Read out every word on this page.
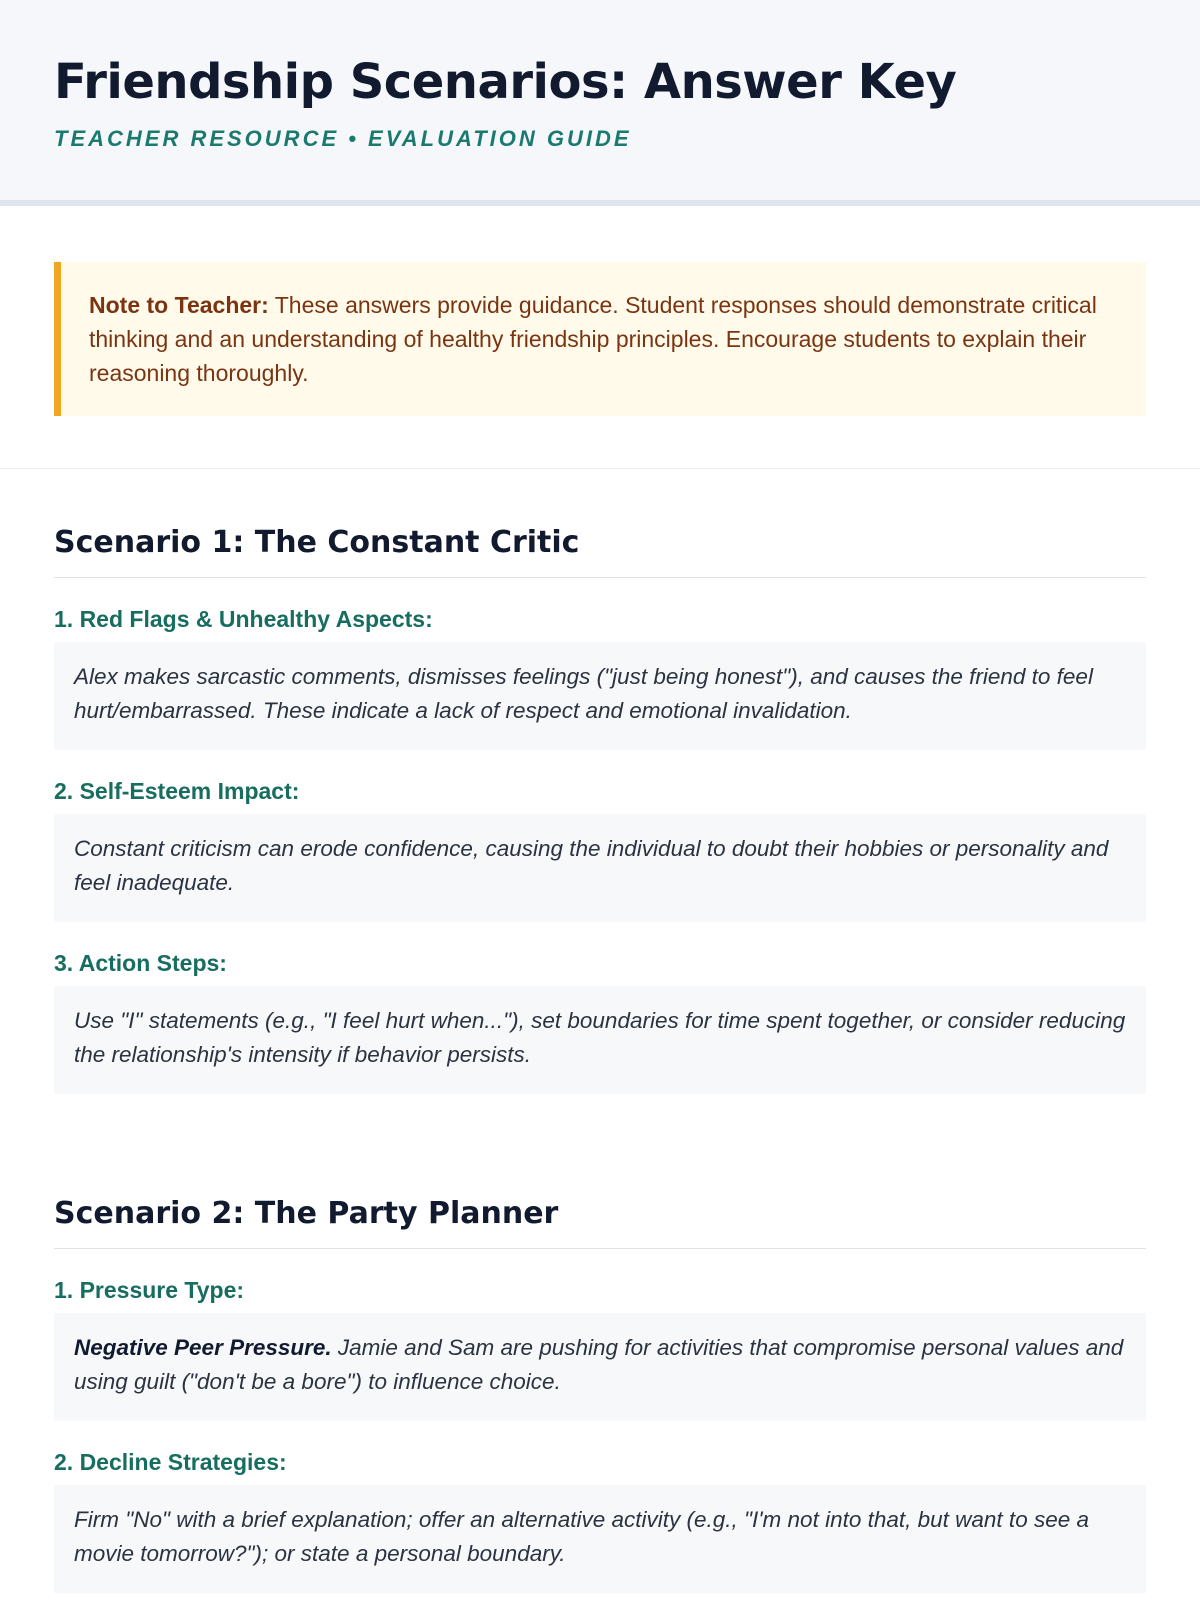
Friendship Scenarios: Answer Key
TEACHER RESOURCE • EVALUATION GUIDE
Note to Teacher: These answers provide guidance. Student responses should demonstrate critical thinking and an understanding of healthy friendship principles. Encourage students to explain their reasoning thoroughly.
Scenario 1: The Constant Critic
1. Red Flags & Unhealthy Aspects:
Alex makes sarcastic comments, dismisses feelings ("just being honest"), and causes the friend to feel hurt/embarrassed. These indicate a lack of respect and emotional invalidation.
2. Self-Esteem Impact:
Constant criticism can erode confidence, causing the individual to doubt their hobbies or personality and feel inadequate.
3. Action Steps:
Use "I" statements (e.g., "I feel hurt when..."), set boundaries for time spent together, or consider reducing the relationship's intensity if behavior persists.
Scenario 2: The Party Planner
1. Pressure Type:
Negative Peer Pressure. Jamie and Sam are pushing for activities that compromise personal values and using guilt ("don't be a bore") to influence choice.
2. Decline Strategies:
Firm "No" with a brief explanation; offer an alternative activity (e.g., "I'm not into that, but want to see a movie tomorrow?"); or state a personal boundary.
